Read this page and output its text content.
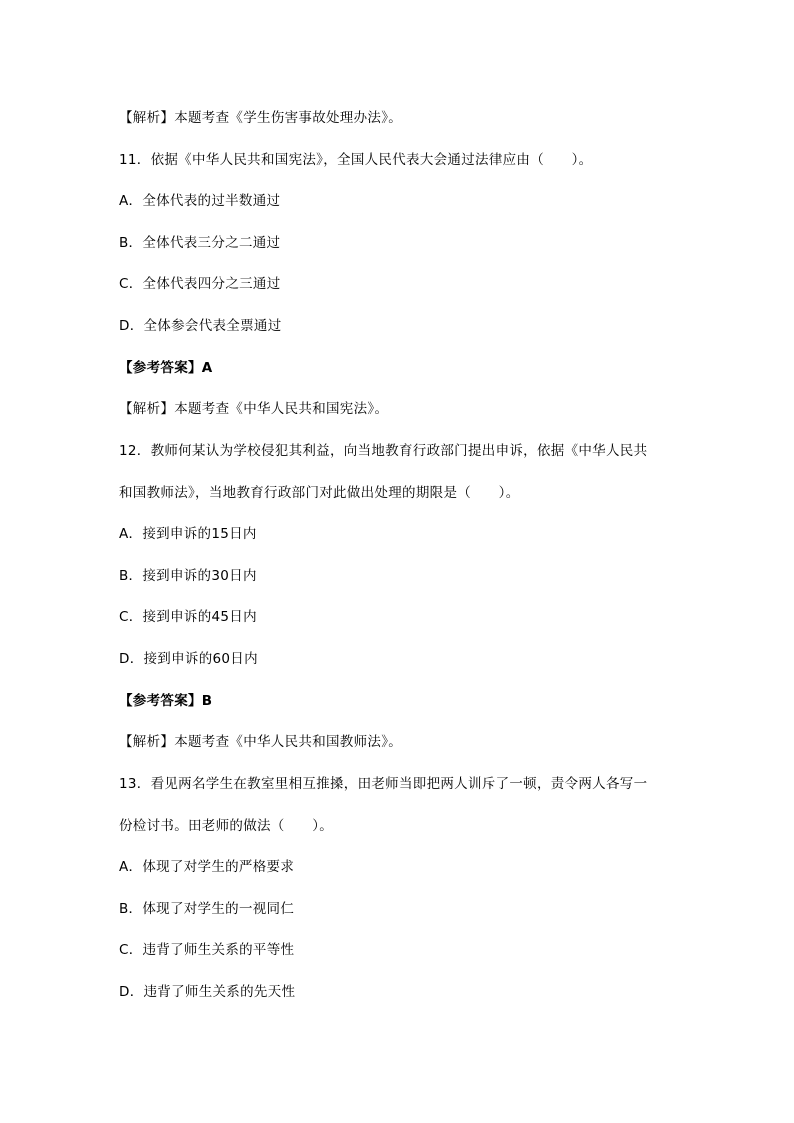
【解析】本题考查《学生伤害事故处理办法》。
11．依据《中华人民共和国宪法》，全国人民代表大会通过法律应由（　　）。
A．全体代表的过半数通过
B．全体代表三分之二通过
C．全体代表四分之三通过
D．全体参会代表全票通过
【参考答案】A
【解析】本题考查《中华人民共和国宪法》。
12．教师何某认为学校侵犯其利益，向当地教育行政部门提出申诉，依据《中华人民共
和国教师法》，当地教育行政部门对此做出处理的期限是（　　）。
A．接到申诉的15日内
B．接到申诉的30日内
C．接到申诉的45日内
D．接到申诉的60日内
【参考答案】B
【解析】本题考查《中华人民共和国教师法》。
13．看见两名学生在教室里相互推搡，田老师当即把两人训斥了一顿，责令两人各写一
份检讨书。田老师的做法（　　）。
A．体现了对学生的严格要求
B．体现了对学生的一视同仁
C．违背了师生关系的平等性
D．违背了师生关系的先天性
